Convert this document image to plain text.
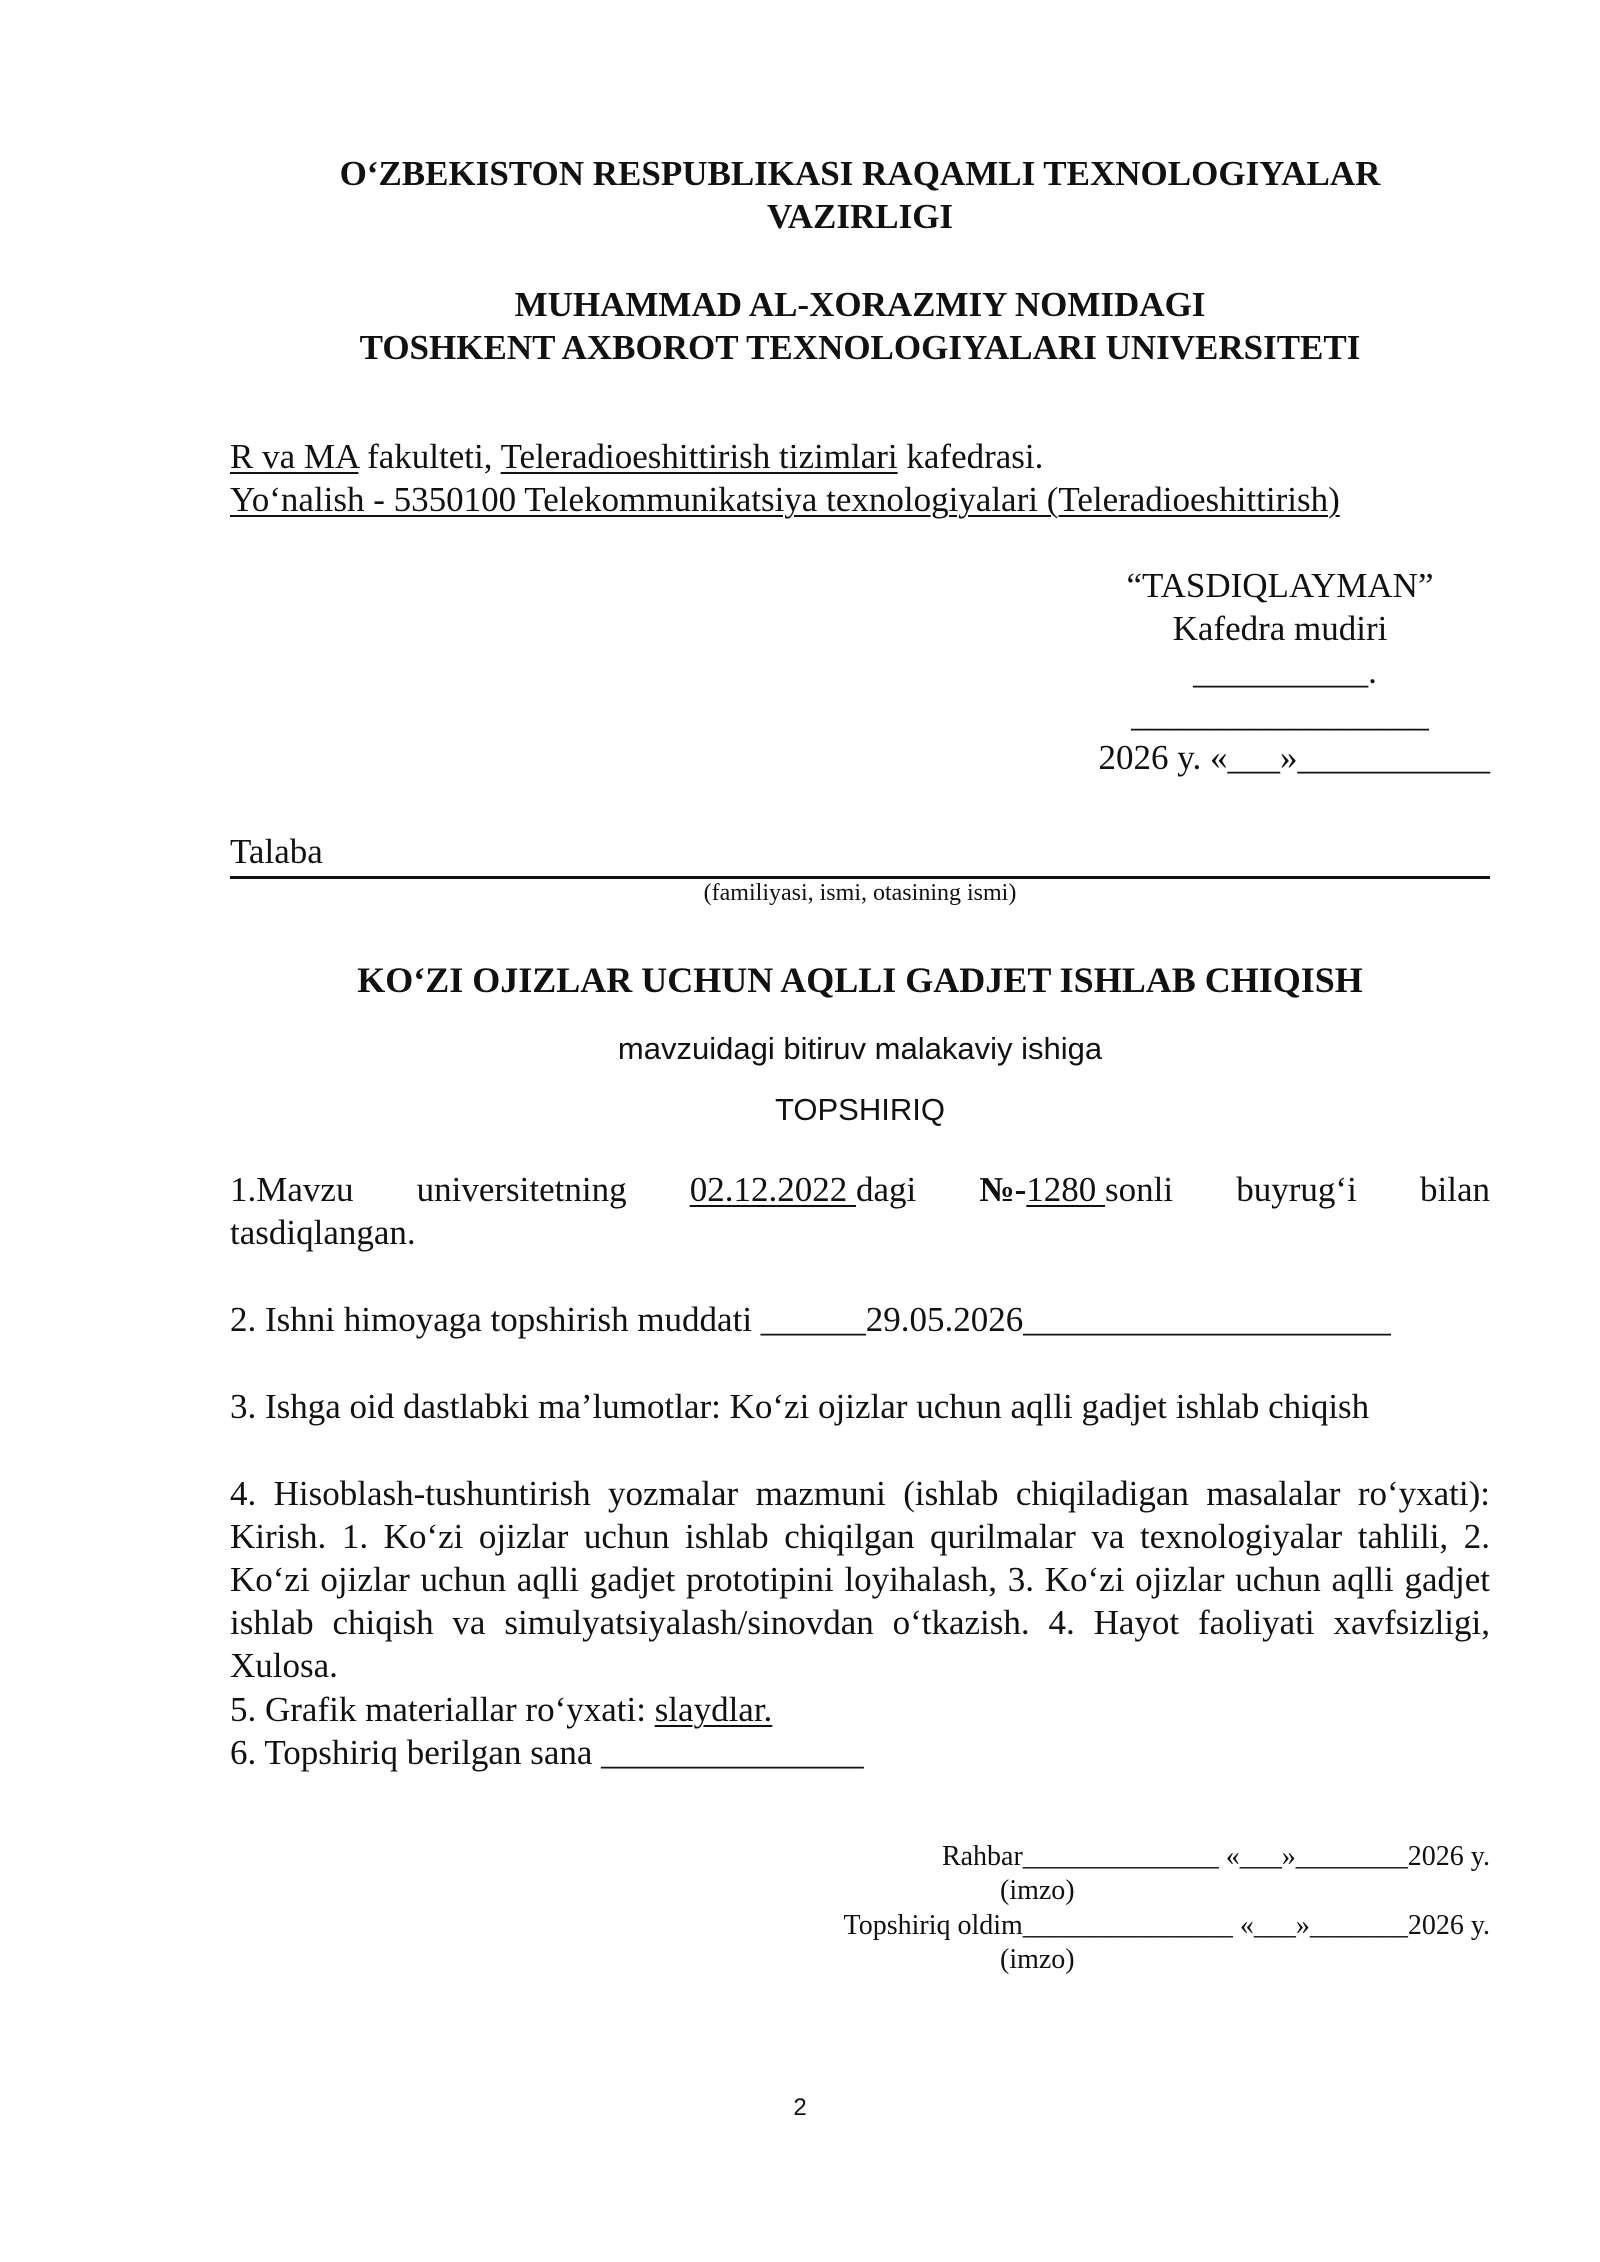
O‘ZBEKISTON RESPUBLIKASI RAQAMLI TEXNOLOGIYALAR
VAZIRLIGI
MUHAMMAD AL-XORAZMIY NOMIDAGI
TOSHKENT AXBOROT TEXNOLOGIYALARI UNIVERSITETI
R va MA fakulteti, Teleradioeshittirish tizimlari kafedrasi.
Yo‘nalish - 5350100 Telekommunikatsiya texnologiyalari (Teleradioeshittirish)
“TASDIQLAYMAN”
Kafedra mudiri
__________.
_________________
2026 y. «___»___________
Talaba
(familiyasi, ismi, otasining ismi)
KO‘ZI OJIZLAR UCHUN AQLLI GADJET ISHLAB CHIQISH
mavzuidagi bitiruv malakaviy ishiga
TOPSHIRIQ
1.Mavzu universitetning 02.12.2022 dagi №-1280 sonli buyrug‘i bilan
tasdiqlangan.
2. Ishni himoyaga topshirish muddati ______29.05.2026_____________________
3. Ishga oid dastlabki ma’lumotlar: Ko‘zi ojizlar uchun aqlli gadjet ishlab chiqish
4. Hisoblash-tushuntirish yozmalar mazmuni (ishlab chiqiladigan masalalar ro‘yxati): Kirish. 1. Ko‘zi ojizlar uchun ishlab chiqilgan qurilmalar va texnologiyalar tahlili, 2. Ko‘zi ojizlar uchun aqlli gadjet prototipini loyihalash, 3. Ko‘zi ojizlar uchun aqlli gadjet ishlab chiqish va simulyatsiyalash/sinovdan o‘tkazish. 4. Hayot faoliyati xavfsizligi, Xulosa.
5. Grafik materiallar ro‘yxati: slaydlar.
6. Topshiriq berilgan sana _______________
Rahbar______________ «___»________2026 y.
(imzo)
Topshiriq oldim_______________ «___»_______2026 y.
(imzo)
2
